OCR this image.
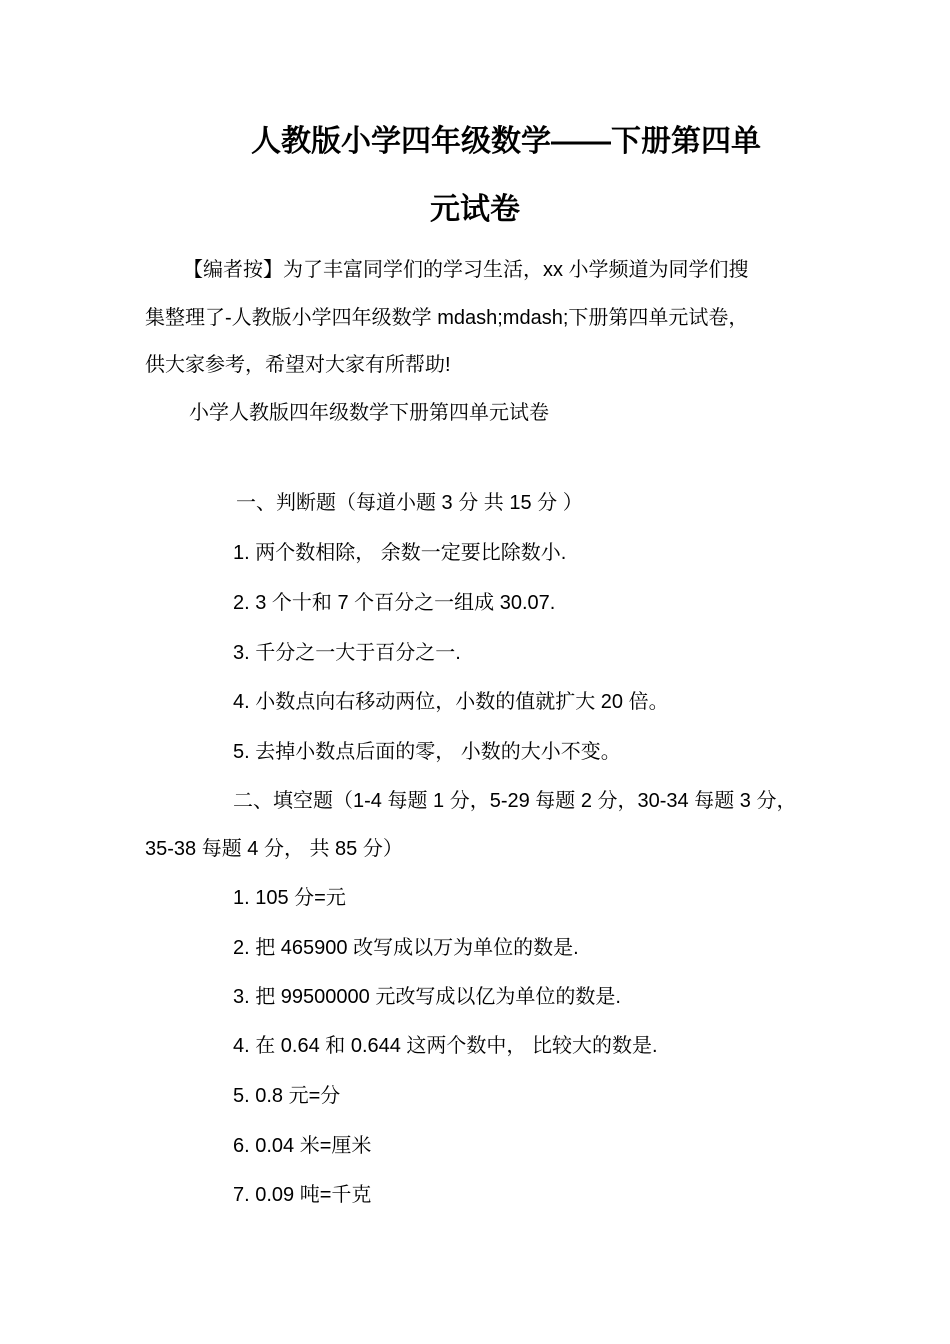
人教版小学四年级数学——下册第四单
元试卷
【编者按】为了丰富同学们的学习生活，xx 小学频道为同学们搜
集整理了-人教版小学四年级数学 mdash;mdash;下册第四单元试卷，
供大家参考，希望对大家有所帮助!
小学人教版四年级数学下册第四单元试卷
一、判断题（每道小题 3 分 共 15 分 ）
1. 两个数相除， 余数一定要比除数小.
2. 3 个十和 7 个百分之一组成 30.07.
3. 千分之一大于百分之一.
4. 小数点向右移动两位，小数的值就扩大 20 倍。
5. 去掉小数点后面的零， 小数的大小不变。
二、填空题（1-4 每题 1 分，5-29 每题 2 分，30-34 每题 3 分，
35-38 每题 4 分， 共 85 分）
1. 105 分=元
2. 把 465900 改写成以万为单位的数是.
3. 把 99500000 元改写成以亿为单位的数是.
4. 在 0.64 和 0.644 这两个数中， 比较大的数是.
5. 0.8 元=分
6. 0.04 米=厘米
7. 0.09 吨=千克
